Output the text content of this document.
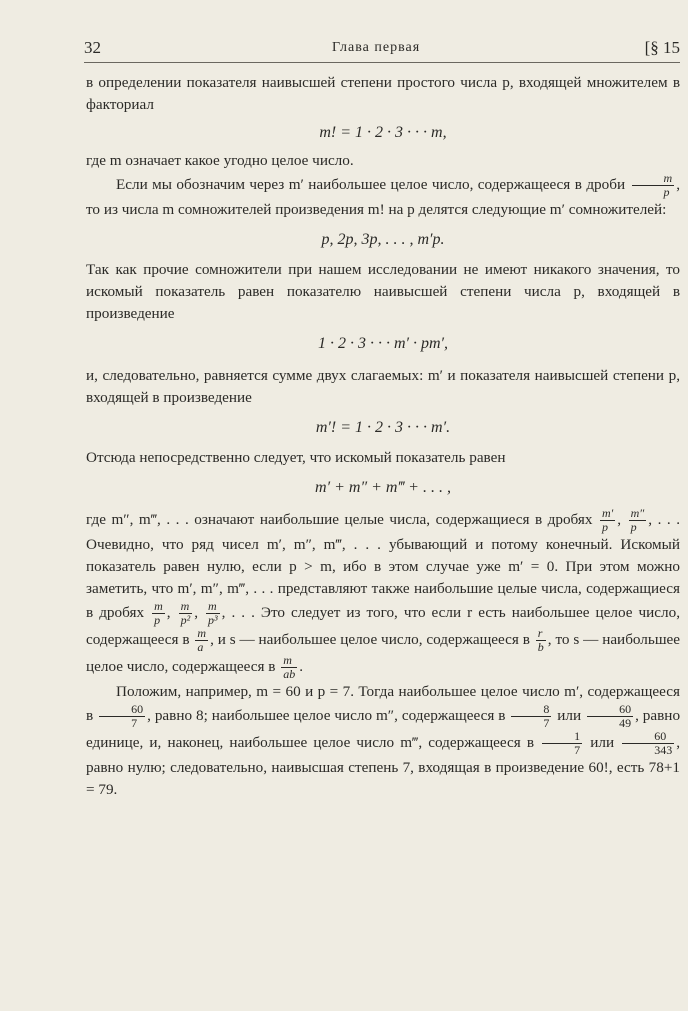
32	Глава первая	[§ 15

в определении показателя наивысшей степени простого числа p, входящей множителем в факториал

m! = 1 · 2 · 3 · · · m,

где m означает какое угодно целое число.

Если мы обозначим через m′ наибольшее целое число, содержащееся в дроби $\frac{m}{p}$ , то из числа m сомножителей произведения m! на p делятся следующие m′ сомножителей:

p, 2p, 3p, . . . , m′p.

Так как прочие сомножители при нашем исследовании не имеют никакого значения, то искомый показатель равен показателю наивысшей степени числа p, входящей в произведение

1 · 2 · 3 · · · m′ · pm′,

и, следовательно, равняется сумме двух слагаемых: m′ и показателя наивысшей степени p, входящей в произведение

m′! = 1 · 2 · 3 · · · m′.

Отсюда непосредственно следует, что искомый показатель равен

m′ + m″ + m‴ + . . . ,

где m″, m‴, . . . означают наибольшие целые числа, содержащиеся в дробях $\frac{m'}{p}$ , $\frac{m''}{p}$ , . . . Очевидно, что ряд чисел m′, m″, m‴, . . . убывающий и потому конечный. Искомый показатель равен нулю, если p > m, ибо в этом случае уже m′ = 0. При этом можно заметить, что m′, m″, m‴, . . . представляют также наибольшие целые числа, содержащиеся в дробях $\frac{m}{p}$ , $\frac{m}{\text{p²}}$ , $\frac{m}{\text{p³}}$ , . . . Это следует из того, что если r есть наибольшее целое число, содержащееся в $\frac{m}{a}$ , и s — наибольшее целое число, содержащееся в $\frac{r}{b}$ , то s — наибольшее целое число, содержащееся в $\frac{m}{ab}$ .

Положим, например, m = 60 и p = 7. Тогда наибольшее целое число m′, содержащееся в $\frac{60}{7}$ , равно 8; наибольшее целое число m″, содержащееся в $\frac{8}{7}$ или $\frac{60}{49}$ , равно единице, и, наконец, наибольшее целое число m‴, содержащееся в $\frac{1}{7}$ или $\frac{60}{343}$ , равно нулю; следовательно, наивысшая степень 7, входящая в произведение 60!, есть 78+1 = 79.
